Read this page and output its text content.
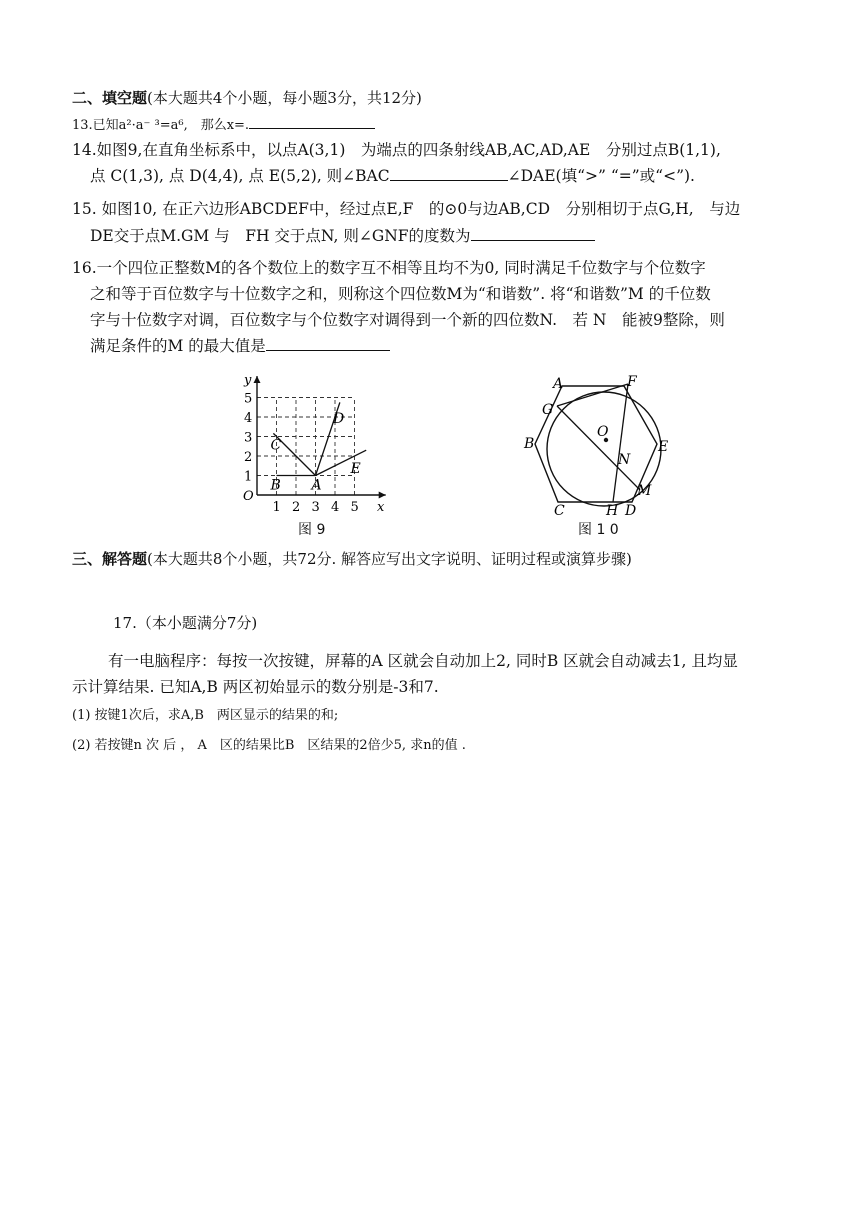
二、填空题(本大题共4个小题，每小题3分，共12分)
13.已知a²·a⁻ ³=a⁶,　那么x=.
14.如图9,在直角坐标系中，以点A(3,1)　为端点的四条射线AB,AC,AD,AE　分别过点B(1,1),
点 C(1,3), 点 D(4,4), 点 E(5,2), 则∠BAC	∠DAE(填“>” “=”或“<”).
15. 如图10, 在正六边形ABCDEF中，经过点E,F　的⊙0与边AB,CD　分别相切于点G,H,　与边
DE交于点M.GM 与　FH 交于点N, 则∠GNF的度数为
16.一个四位正整数M的各个数位上的数字互不相等且均不为0, 同时满足千位数字与个位数字
之和等于百位数字与十位数字之和，则称这个四位数M为“和谐数”. 将“和谐数”M 的千位数
字与十位数字对调，百位数字与个位数字对调得到一个新的四位数N.　若 N　能被9整除，则
满足条件的M 的最大值是
x
y
O
1 2 3 4 5
1
2
3
4
5
A
B
C
D
E
图 9
A	F
G
O
B	E
N
M
C	H D
图 1 0
三、解答题(本大题共8个小题，共72分. 解答应写出文字说明、证明过程或演算步骤)
17.（本小题满分7分)
有一电脑程序：每按一次按键，屏幕的A 区就会自动加上2, 同时B 区就会自动减去1, 且均显
示计算结果. 已知A,B 两区初始显示的数分别是-3和7.
(1) 按键1次后，求A,B　两区显示的结果的和;
(2) 若按键n 次 后 ， A　区的结果比B　区结果的2倍少5, 求n的值 .
